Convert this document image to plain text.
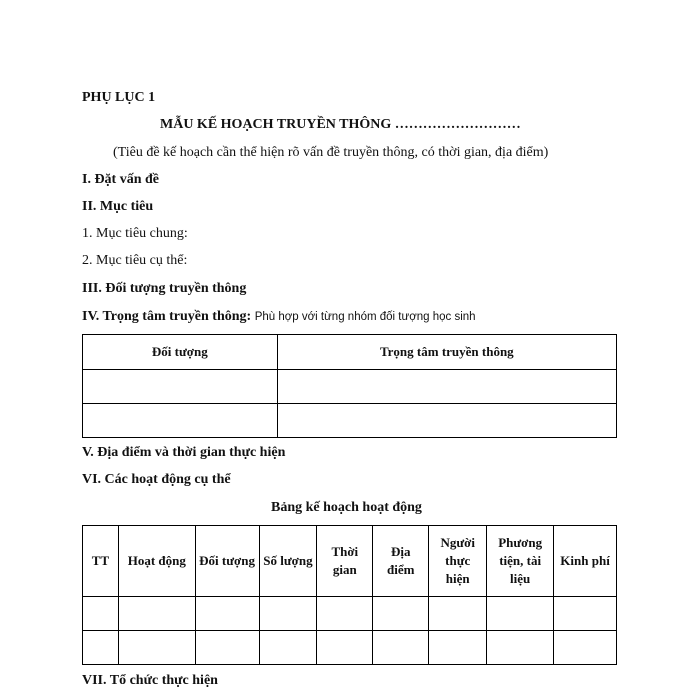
PHỤ LỤC 1
MẪU KẾ HOẠCH TRUYỀN THÔNG ………………………
(Tiêu đề kế hoạch cần thể hiện rõ vấn đề truyền thông, có thời gian, địa điểm)
I. Đặt vấn đề
II. Mục tiêu
1. Mục tiêu chung:
2. Mục tiêu cụ thể:
III. Đối tượng truyền thông
IV. Trọng tâm truyền thông: Phù hợp với từng nhóm đối tượng học sinh
Đối tượng	Trọng tâm truyền thông

V. Địa điểm và thời gian thực hiện
VI. Các hoạt động cụ thể
Bảng kế hoạch hoạt động
TT	Hoạt động	Đối tượng	Số lượng	Thời gian	Địa điểm	Người thực hiện	Phương tiện, tài liệu	Kinh phí

VII. Tổ chức thực hiện
